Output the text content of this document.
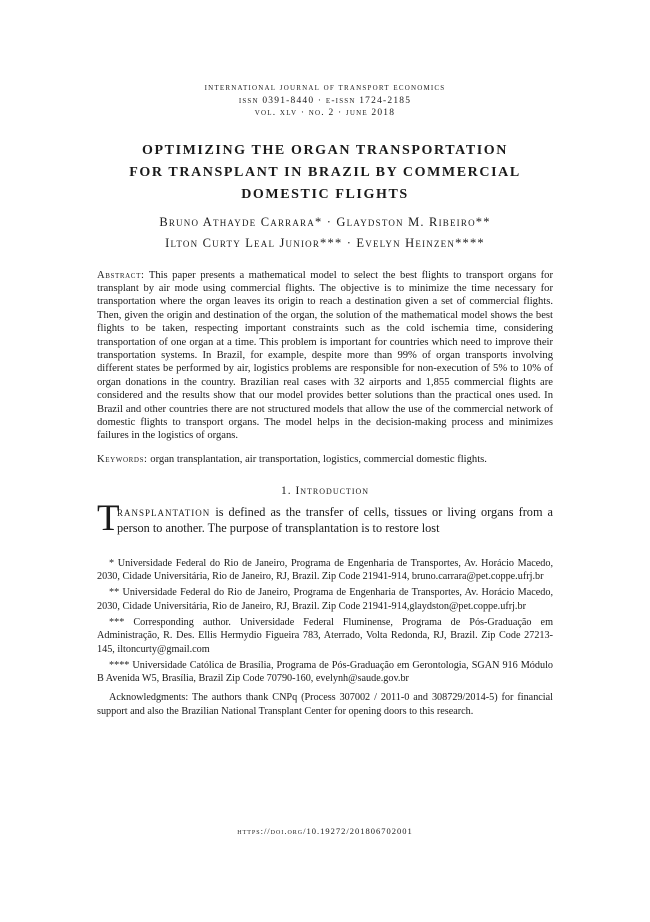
international journal of transport economics
issn 0391-8440 · e-issn 1724-2185
vol. xlv · no. 2 · june 2018
OPTIMIZING THE ORGAN TRANSPORTATION
FOR TRANSPLANT IN BRAZIL BY COMMERCIAL
DOMESTIC FLIGHTS
Bruno Athayde Carrara* · Glaydston M. Ribeiro**
Ilton Curty Leal Junior*** · Evelyn Heinzen****

Abstract: This paper presents a mathematical model to select the best flights to transport organs for transplant by air mode using commercial flights. The objective is to minimize the time necessary for transportation where the organ leaves its origin to reach a destination given a set of commercial flights. Then, given the origin and destination of the organ, the solution of the mathematical model shows the best flights to be taken, respecting important constraints such as the cold ischemia time, considering transportation of one organ at a time. This problem is important for countries which need to improve their transportation systems. In Brazil, for example, despite more than 99% of organ transports involving different states be performed by air, logistics problems are responsible for non-execution of 5% to 10% of organ donations in the country. Brazilian real cases with 32 airports and 1,855 commercial flights are considered and the results show that our model provides better solutions than the practical ones used. In Brazil and other countries there are not structured models that allow the use of the commercial network of domestic flights to transport organs. The model helps in the decision-making process and minimizes failures in the logistics of organs.

Keywords: organ transplantation, air transportation, logistics, commercial domestic flights.

1. Introduction

T
ransplantation is defined as the transfer of cells, tissues or living organs from a person to another. The purpose of transplantation is to restore lost

* Universidade Federal do Rio de Janeiro, Programa de Engenharia de Transportes, Av. Horácio Macedo, 2030, Cidade Universitária, Rio de Janeiro, RJ, Brazil. Zip Code 21941-914, bruno.carrara@pet.coppe.ufrj.br

** Universidade Federal do Rio de Janeiro, Programa de Engenharia de Transportes, Av. Horácio Macedo, 2030, Cidade Universitária, Rio de Janeiro, RJ, Brazil. Zip Code 21941-914,glaydston@pet.coppe.ufrj.br

*** Corresponding author. Universidade Federal Fluminense, Programa de Pós-Graduação em Administração, R. Des. Ellis Hermydio Figueira 783, Aterrado, Volta Redonda, RJ, Brazil. Zip Code 27213-145, iltoncurty@gmail.com

**** Universidade Católica de Brasília, Programa de Pós-Graduação em Gerontologia, SGAN 916 Módulo B Avenida W5, Brasília, Brazil Zip Code 70790-160, evelynh@saude.gov.br

Acknowledgments: The authors thank CNPq (Process 307002 / 2011-0 and 308729/2014-5) for financial support and also the Brazilian National Transplant Center for opening doors to this research.

https://doi.org/10.19272/201806702001
